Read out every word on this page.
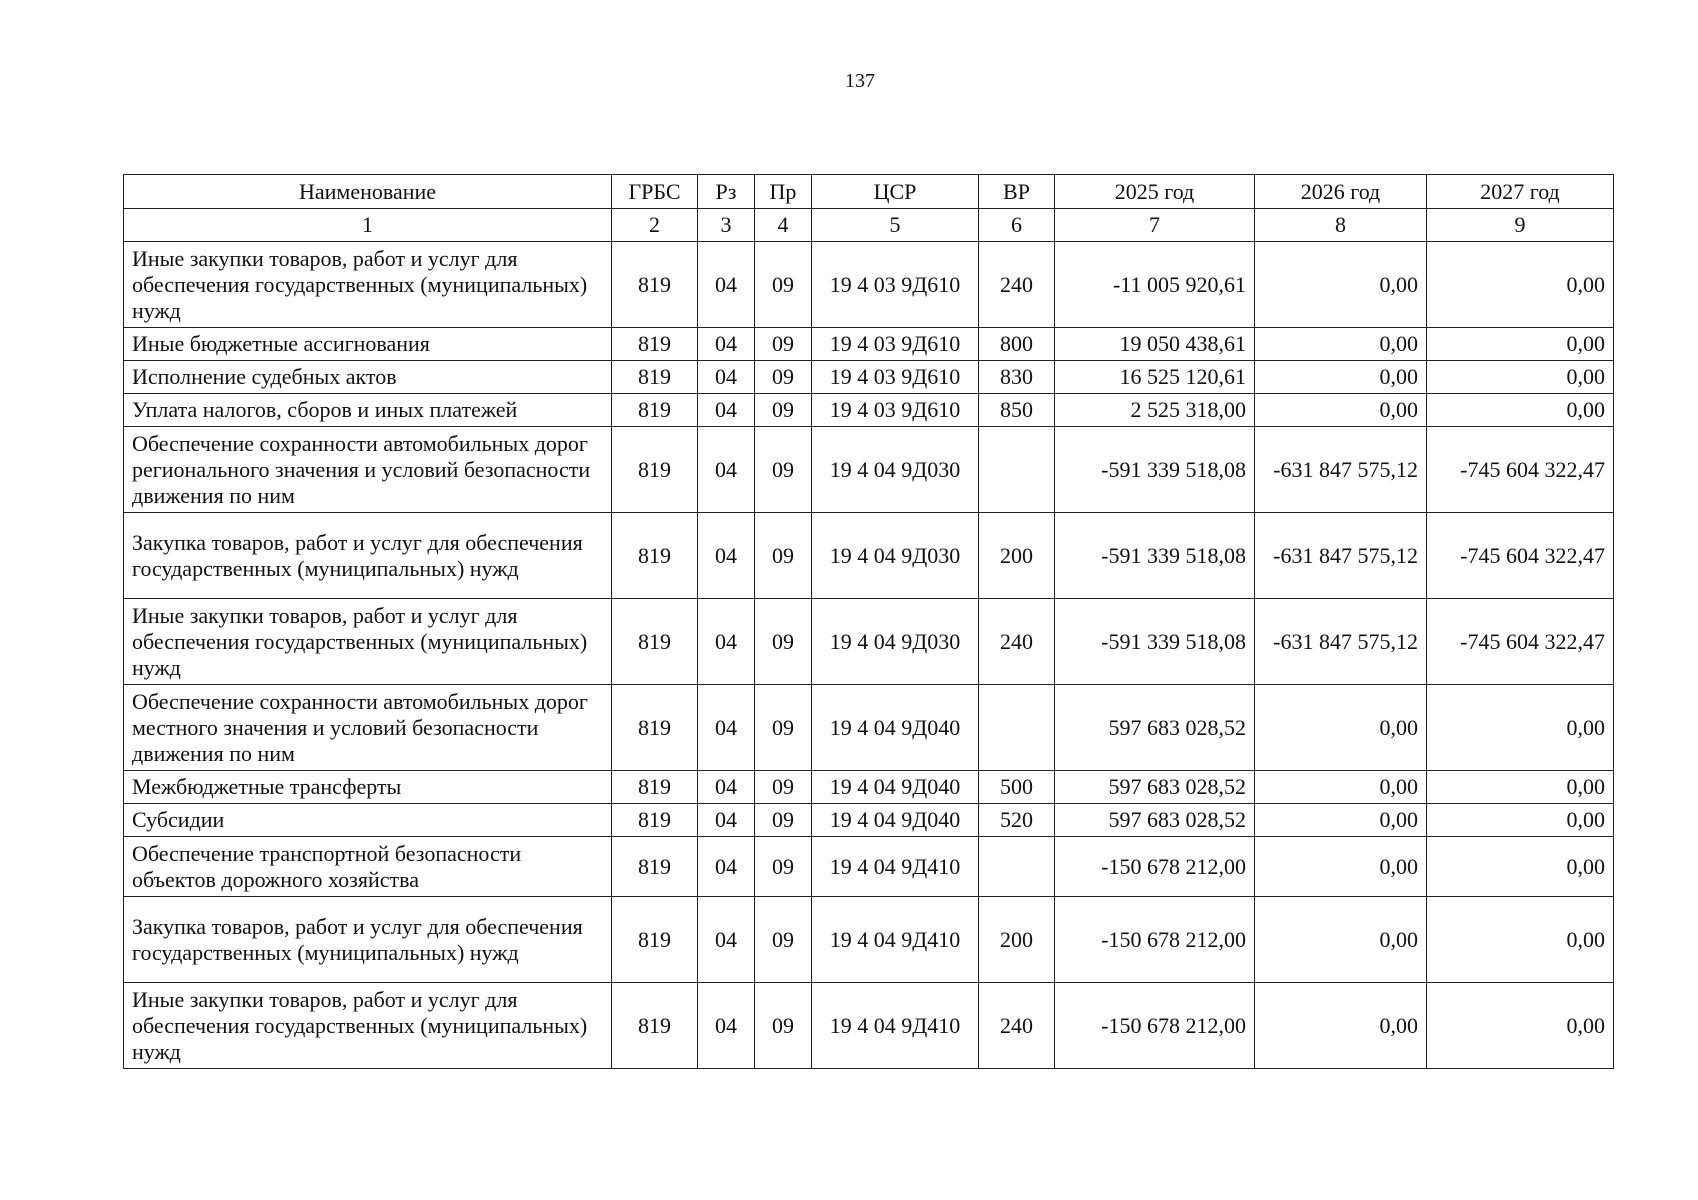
137
Наименование	ГРБС	Рз	Пр	ЦСР	ВР	2025 год	2026 год	2027 год
1	2	3	4	5	6	7	8	9
Иные закупки товаров, работ и услуг для обеспечения государственных (муниципальных) нужд	819	04	09	19 4 03 9Д610	240	-11 005 920,61	0,00	0,00
Иные бюджетные ассигнования	819	04	09	19 4 03 9Д610	800	19 050 438,61	0,00	0,00
Исполнение судебных актов	819	04	09	19 4 03 9Д610	830	16 525 120,61	0,00	0,00
Уплата налогов, сборов и иных платежей	819	04	09	19 4 03 9Д610	850	2 525 318,00	0,00	0,00
Обеспечение сохранности автомобильных дорог регионального значения и условий безопасности движения по ним	819	04	09	19 4 04 9Д030		-591 339 518,08	-631 847 575,12	-745 604 322,47
Закупка товаров, работ и услуг для обеспечения государственных (муниципальных) нужд	819	04	09	19 4 04 9Д030	200	-591 339 518,08	-631 847 575,12	-745 604 322,47
Иные закупки товаров, работ и услуг для обеспечения государственных (муниципальных) нужд	819	04	09	19 4 04 9Д030	240	-591 339 518,08	-631 847 575,12	-745 604 322,47
Обеспечение сохранности автомобильных дорог местного значения и условий безопасности движения по ним	819	04	09	19 4 04 9Д040		597 683 028,52	0,00	0,00
Межбюджетные трансферты	819	04	09	19 4 04 9Д040	500	597 683 028,52	0,00	0,00
Субсидии	819	04	09	19 4 04 9Д040	520	597 683 028,52	0,00	0,00
Обеспечение транспортной безопасности объектов дорожного хозяйства	819	04	09	19 4 04 9Д410		-150 678 212,00	0,00	0,00
Закупка товаров, работ и услуг для обеспечения государственных (муниципальных) нужд	819	04	09	19 4 04 9Д410	200	-150 678 212,00	0,00	0,00
Иные закупки товаров, работ и услуг для обеспечения государственных (муниципальных) нужд	819	04	09	19 4 04 9Д410	240	-150 678 212,00	0,00	0,00
